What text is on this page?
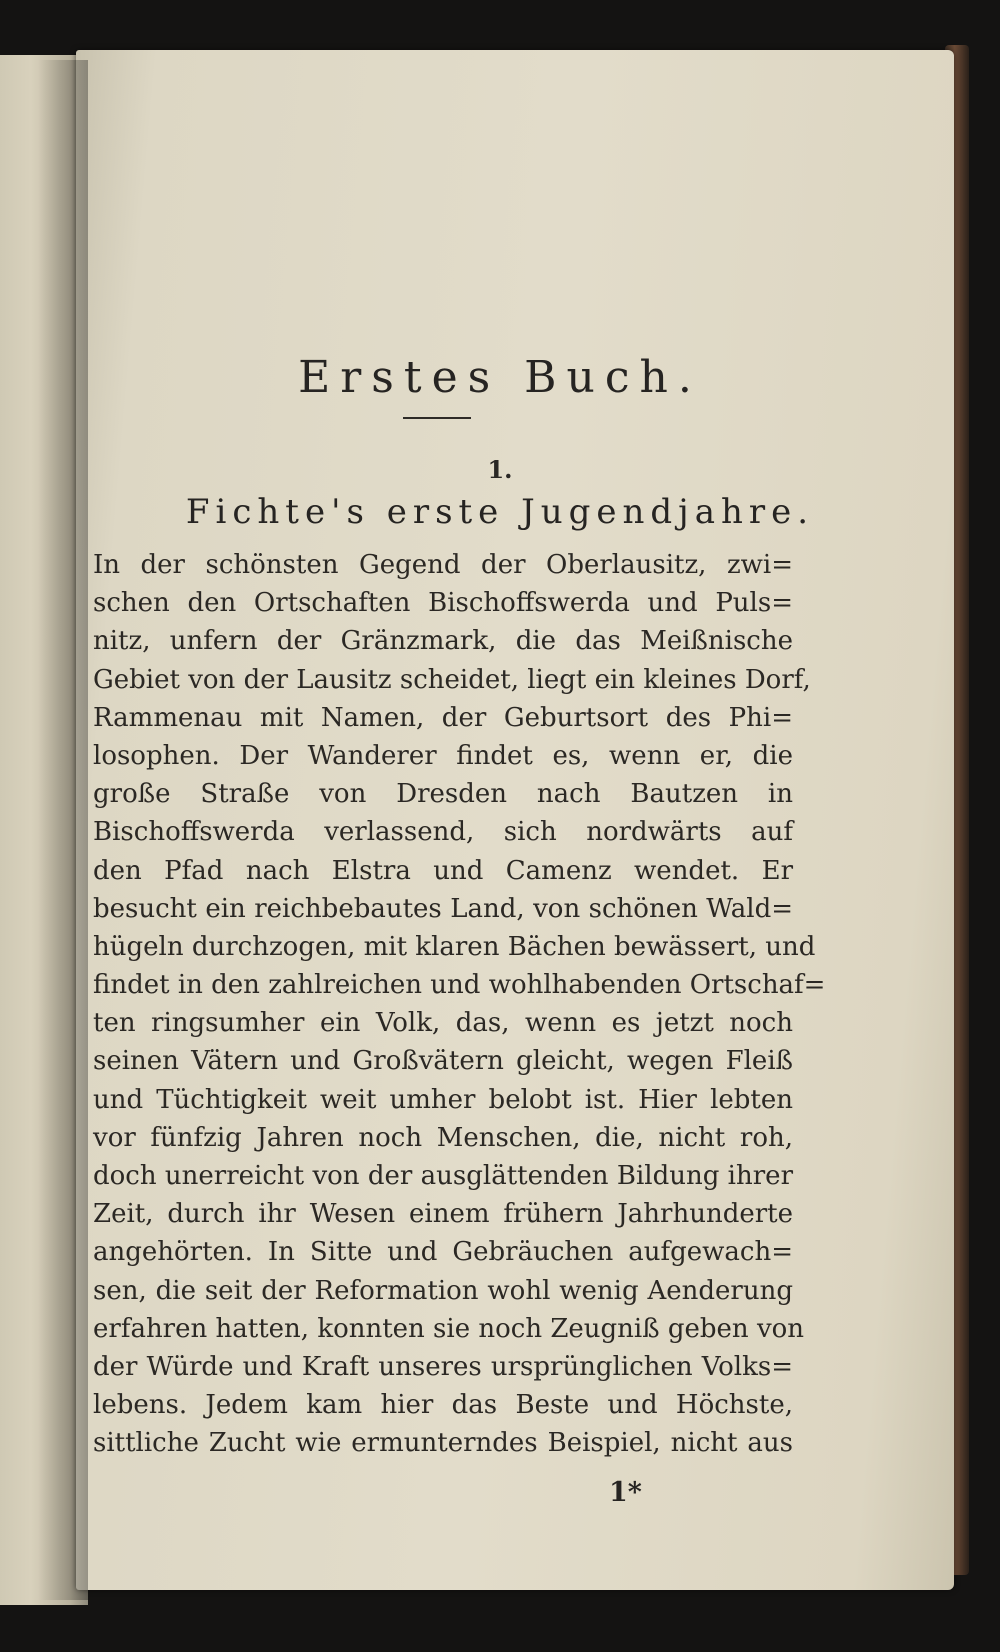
Erstes Buch.
1.
Fichte's erste Jugendjahre.
In der schönsten Gegend der Oberlausitz, zwi=
schen den Ortschaften Bischoffswerda und Puls=
nitz, unfern der Gränzmark, die das Meißnische
Gebiet von der Lausitz scheidet, liegt ein kleines Dorf,
Rammenau mit Namen, der Geburtsort des Phi=
losophen. Der Wanderer findet es, wenn er, die
große Straße von Dresden nach Bautzen in
Bischoffswerda verlassend, sich nordwärts auf
den Pfad nach Elstra und Camenz wendet. Er
besucht ein reichbebautes Land, von schönen Wald=
hügeln durchzogen, mit klaren Bächen bewässert, und
findet in den zahlreichen und wohlhabenden Ortschaf=
ten ringsumher ein Volk, das, wenn es jetzt noch
seinen Vätern und Großvätern gleicht, wegen Fleiß
und Tüchtigkeit weit umher belobt ist. Hier lebten
vor fünfzig Jahren noch Menschen, die, nicht roh,
doch unerreicht von der ausglättenden Bildung ihrer
Zeit, durch ihr Wesen einem frühern Jahrhunderte
angehörten. In Sitte und Gebräuchen aufgewach=
sen, die seit der Reformation wohl wenig Aenderung
erfahren hatten, konnten sie noch Zeugniß geben von
der Würde und Kraft unseres ursprünglichen Volks=
lebens. Jedem kam hier das Beste und Höchste,
sittliche Zucht wie ermunterndes Beispiel, nicht aus
1*
